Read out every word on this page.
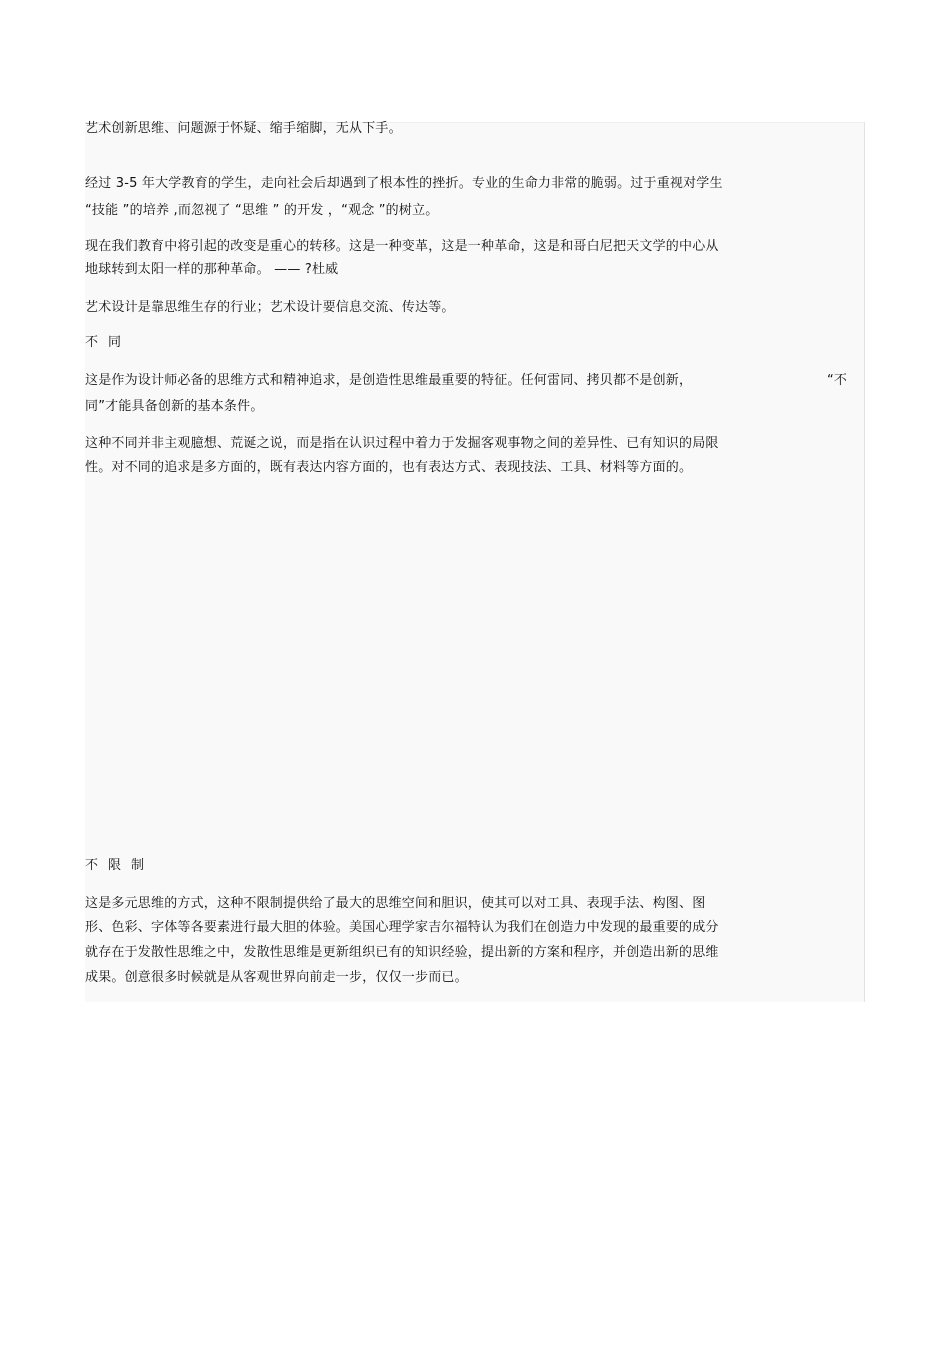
艺术创新思维、问题源于怀疑、缩手缩脚，无从下手。
经过 3-5 年大学教育的学生，走向社会后却遇到了根本性的挫折。专业的生命力非常的脆弱。过于重视对学生
“技能 ”的培养 ,而忽视了 “思维 ” 的开发 ，“观念 ”的树立。
现在我们教育中将引起的改变是重心的转移。这是一种变革，这是一种革命，这是和哥白尼把天文学的中心从
地球转到太阳一样的那种革命。 —— ?杜威
艺术设计是靠思维生存的行业；艺术设计要信息交流、传达等。
不同
这是作为设计师必备的思维方式和精神追求，是创造性思维最重要的特征。任何雷同、拷贝都不是创新，	“不
同”才能具备创新的基本条件。
这种不同并非主观臆想、荒诞之说，而是指在认识过程中着力于发掘客观事物之间的差异性、已有知识的局限
性。对不同的追求是多方面的，既有表达内容方面的，也有表达方式、表现技法、工具、材料等方面的。
不限制
这是多元思维的方式，这种不限制提供给了最大的思维空间和胆识，使其可以对工具、表现手法、构图、图
形、色彩、字体等各要素进行最大胆的体验。美国心理学家吉尔福特认为我们在创造力中发现的最重要的成分
就存在于发散性思维之中，发散性思维是更新组织已有的知识经验，提出新的方案和程序，并创造出新的思维
成果。创意很多时候就是从客观世界向前走一步，仅仅一步而已。
